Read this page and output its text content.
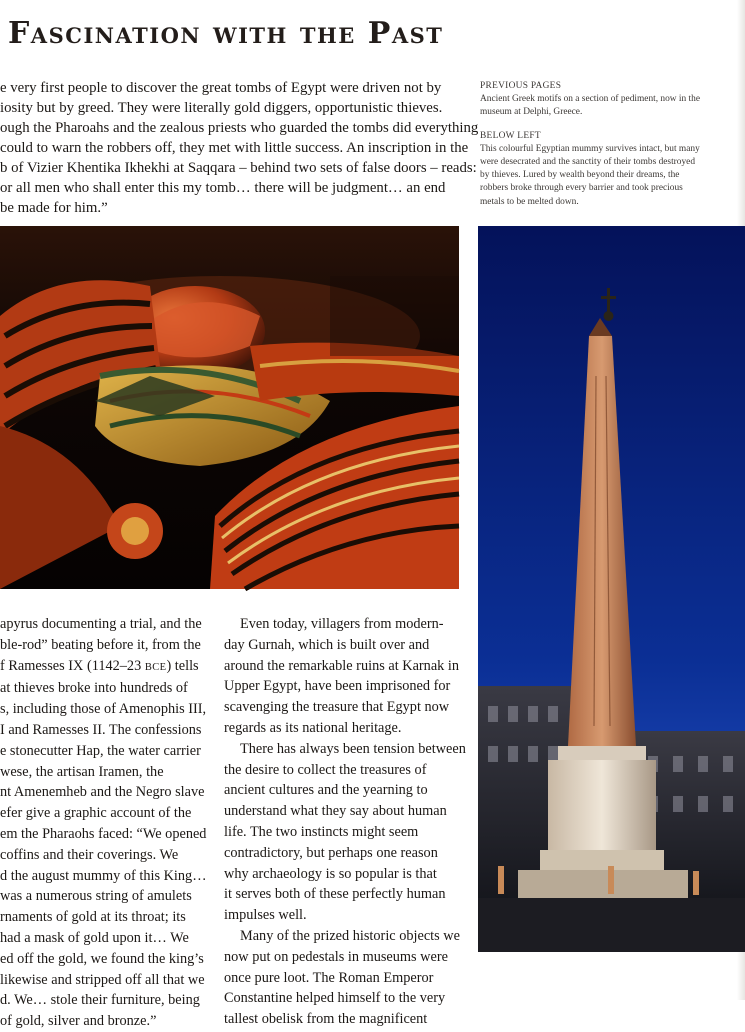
Fascination with the Past
e very first people to discover the great tombs of Egypt were driven not by
iosity but by greed. They were literally gold diggers, opportunistic thieves.
ough the Pharoahs and the zealous priests who guarded the tombs did everything
could to warn the robbers off, they met with little success. An inscription in the
b of Vizier Khentika Ikhekhi at Saqqara – behind two sets of false doors – reads:
or all men who shall enter this my tomb… there will be judgment… an end
be made for him.”
PREVIOUS PAGES
Ancient Greek motifs on a section of pediment, now in the
museum at Delphi, Greece.
BELOW LEFT
This colourful Egyptian mummy survives intact, but many
were desecrated and the sanctity of their tombs destroyed
by thieves. Lured by wealth beyond their dreams, the
robbers broke through every barrier and took precious
metals to be melted down.
apyrus documenting a trial, and the
ble-rod” beating before it, from the
f Ramesses IX (1142–23 BCE) tells
at thieves broke into hundreds of
s, including those of Amenophis III,
I and Ramesses II. The confessions
e stonecutter Hap, the water carrier
wese, the artisan Iramen, the
nt Amenemheb and the Negro slave
efer give a graphic account of the
em the Pharaohs faced: “We opened
coffins and their coverings. We
d the august mummy of this King…
was a numerous string of amulets
rnaments of gold at its throat; its
had a mask of gold upon it… We
ed off the gold, we found the king’s
likewise and stripped off all that we
d. We… stole their furniture, being
of gold, silver and bronze.”
Even today, villagers from modern-
day Gurnah, which is built over and
around the remarkable ruins at Karnak in
Upper Egypt, have been imprisoned for
scavenging the treasure that Egypt now
regards as its national heritage.
There has always been tension between
the desire to collect the treasures of
ancient cultures and the yearning to
understand what they say about human
life. The two instincts might seem
contradictory, but perhaps one reason
why archaeology is so popular is that
it serves both of these perfectly human
impulses well.
Many of the prized historic objects we
now put on pedestals in museums were
once pure loot. The Roman Emperor
Constantine helped himself to the very
tallest obelisk from the magnificent
